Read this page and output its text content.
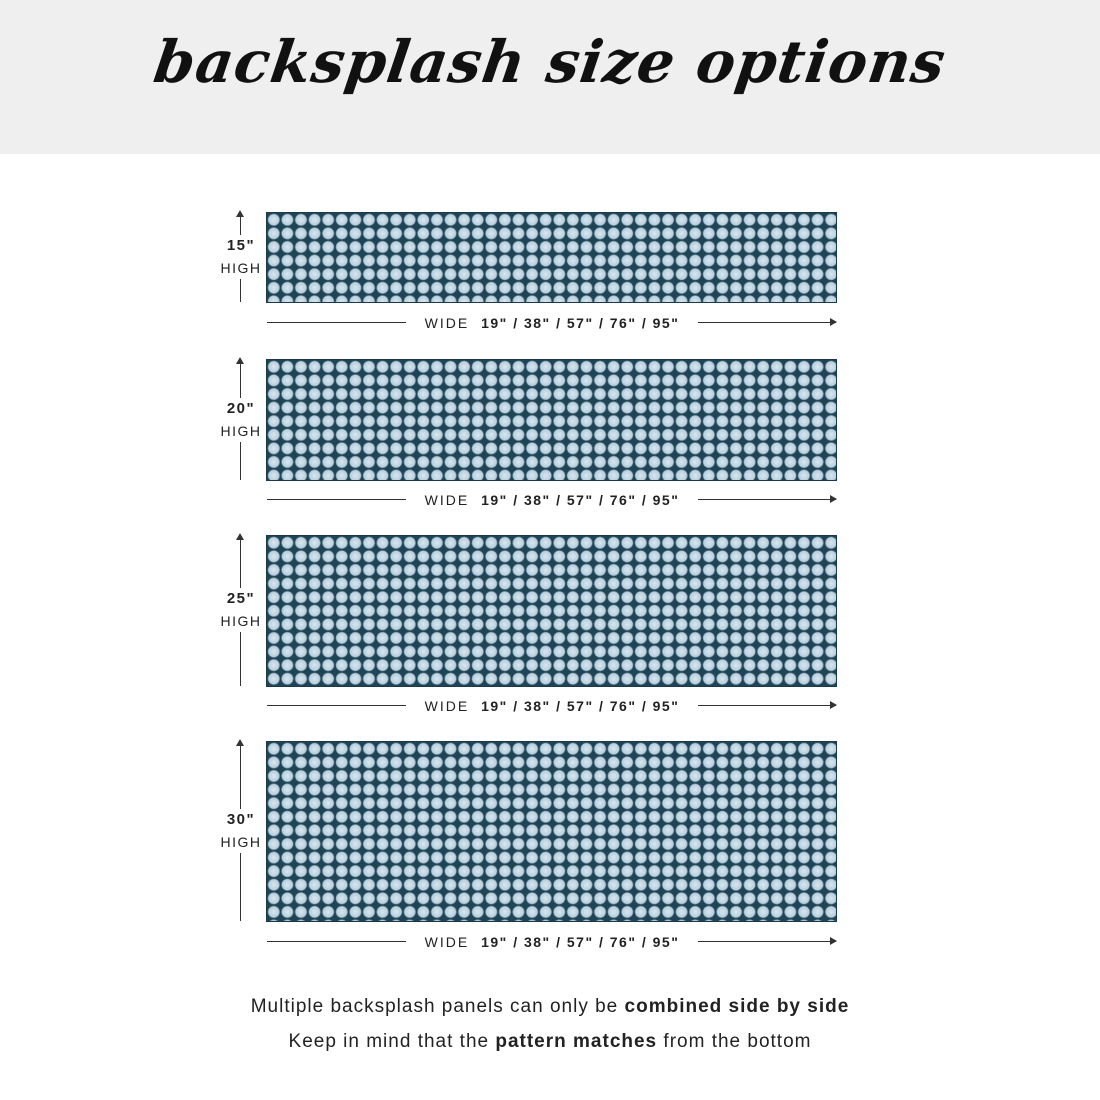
backsplash size options
15"
HIGH
WIDE 19" / 38" / 57" / 76" / 95"
20"
HIGH
WIDE 19" / 38" / 57" / 76" / 95"
25"
HIGH
WIDE 19" / 38" / 57" / 76" / 95"
30"
HIGH
WIDE 19" / 38" / 57" / 76" / 95"
Multiple backsplash panels can only be combined side by side
Keep in mind that the pattern matches from the bottom
